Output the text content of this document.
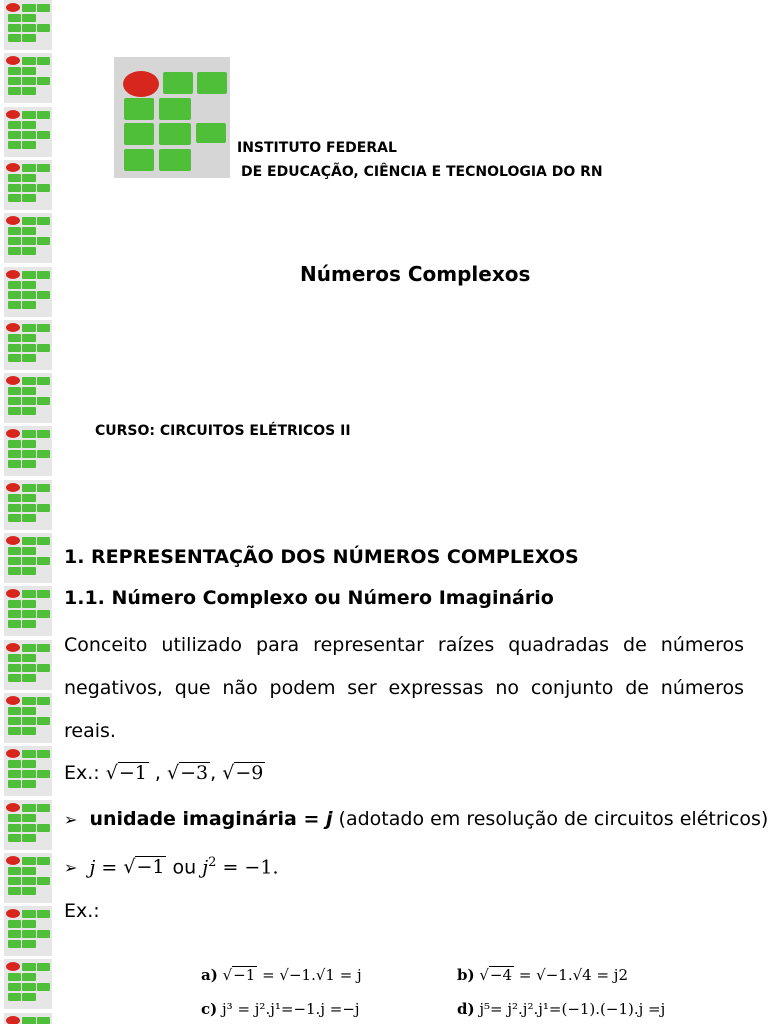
INSTITUTO FEDERAL
DE EDUCAÇÃO, CIÊNCIA E TECNOLOGIA DO RN
Números Complexos
CURSO: CIRCUITOS ELÉTRICOS II
1. REPRESENTAÇÃO DOS NÚMEROS COMPLEXOS
1.1. Número Complexo ou Número Imaginário
Conceito utilizado para representar raízes quadradas de números negativos, que não podem ser expressas no conjunto de números reais.
Ex.: √−1 , √−3 , √−9
➢ unidade imaginária = j (adotado em resolução de circuitos elétricos)
➢ j = √−1 ou $j^2 = -1$.
Ex.:
a) √−1 = √−1.√1 = j	b) √−4 = √−1.√4 = j2
c) j³ = j².j¹=−1.j =−j	d) j⁵= j².j².j¹=(−1).(−1).j =j
